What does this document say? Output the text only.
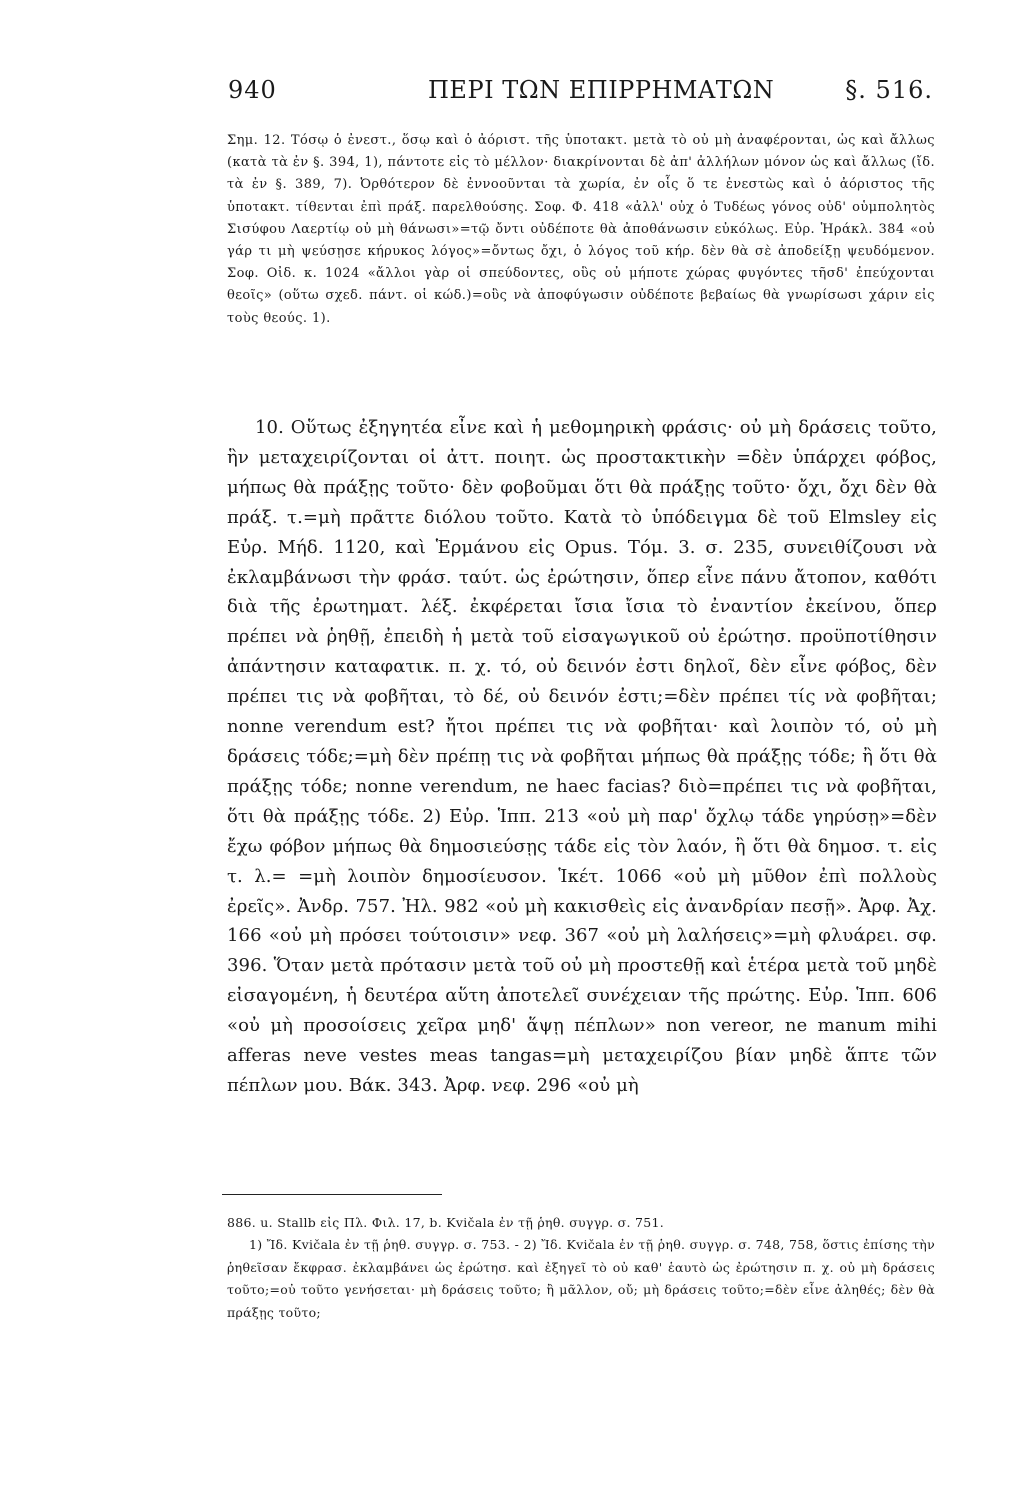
940	ΠΕΡΙ ΤΩΝ ΕΠΙΡΡΗΜΑΤΩΝ	§. 516.

Σημ. 12. Τόσῳ ὁ ἐνεστ., ὅσῳ καὶ ὁ ἀόριστ. τῆς ὑποτακτ. μετὰ τὸ οὐ μὴ ἀναφέρονται, ὡς καὶ ἄλλως (κατὰ τὰ ἐν §. 394, 1), πάντοτε εἰς τὸ μέλλον· διακρίνονται δὲ ἀπ' ἀλλήλων μόνον ὡς καὶ ἄλλως (ἴδ. τὰ ἐν §. 389, 7). Ὀρθότερον δὲ ἐννοοῦνται τὰ χωρία, ἐν οἷς ὅ τε ἐνεστὼς καὶ ὁ ἀόριστος τῆς ὑποτακτ. τίθενται ἐπὶ πράξ. παρελθούσης. Σοφ. Φ. 418 «ἀλλ' οὐχ ὁ Τυδέως γόνος οὐδ' οὑμπολητὸς Σισύφου Λαερτίῳ οὐ μὴ θάνωσι»=τῷ ὄντι οὐδέποτε θὰ ἀποθάνωσιν εὐκόλως. Εὐρ. Ἡράκλ. 384 «οὐ γάρ τι μὴ ψεύσῃσε κήρυκος λόγος»=ὄντως ὄχι, ὁ λόγος τοῦ κήρ. δὲν θὰ σὲ ἀποδείξῃ ψευδόμενον. Σοφ. Οἰδ. κ. 1024 «ἄλλοι γὰρ οἱ σπεύδοντες, οὓς οὐ μήποτε χώρας φυγόντες τῆσδ' ἐπεύχονται θεοῖς» (οὕτω σχεδ. πάντ. οἱ κώδ.)=οὓς νὰ ἀποφύγωσιν οὐδέποτε βεβαίως θὰ γνωρίσωσι χάριν εἰς τοὺς θεούς. 1).

10. Οὕτως ἐξηγητέα εἶνε καὶ ἡ μεθομηρικὴ φράσις· οὐ μὴ δράσεις τοῦτο, ἣν μεταχειρίζονται οἱ ἀττ. ποιητ. ὡς προστακτικὴν =δὲν ὑπάρχει φόβος, μήπως θὰ πράξῃς τοῦτο· δὲν φοβοῦμαι ὅτι θὰ πράξῃς τοῦτο· ὄχι, ὄχι δὲν θὰ πράξ. τ.=μὴ πρᾶττε διόλου τοῦτο. Κατὰ τὸ ὑπόδειγμα δὲ τοῦ Elmsley εἰς Εὐρ. Μήδ. 1120, καὶ Ἑρμάνου εἰς Opus. Τόμ. 3. σ. 235, συνειθίζουσι νὰ ἐκλαμβάνωσι τὴν φράσ. ταύτ. ὡς ἐρώτησιν, ὅπερ εἶνε πάνυ ἄτοπον, καθότι διὰ τῆς ἐρωτηματ. λέξ. ἐκφέρεται ἴσια ἴσια τὸ ἐναντίον ἐκείνου, ὅπερ πρέπει νὰ ῥηθῇ, ἐπειδὴ ἡ μετὰ τοῦ εἰσαγωγικοῦ οὐ ἐρώτησ. προϋποτίθησιν ἀπάντησιν καταφατικ. π. χ. τό, οὐ δεινόν ἐστι δηλοῖ, δὲν εἶνε φόβος, δὲν πρέπει τις νὰ φοβῆται, τὸ δέ, οὐ δεινόν ἐστι;=δὲν πρέπει τίς νὰ φοβῆται; nonne verendum est? ἤτοι πρέπει τις νὰ φοβῆται· καὶ λοιπὸν τό, οὐ μὴ δράσεις τόδε;=μὴ δὲν πρέπῃ τις νὰ φοβῆται μήπως θὰ πράξῃς τόδε; ἢ ὅτι θὰ πράξῃς τόδε; nonne verendum, ne haec facias? διὸ=πρέπει τις νὰ φοβῆται, ὅτι θὰ πράξῃς τόδε. 2) Εὐρ. Ἱππ. 213 «οὐ μὴ παρ' ὄχλῳ τάδε γηρύσῃ»=δὲν ἔχω φόβον μήπως θὰ δημοσιεύσῃς τάδε εἰς τὸν λαόν, ἢ ὅτι θὰ δημοσ. τ. εἰς τ. λ.= =μὴ λοιπὸν δημοσίευσον. Ἱκέτ. 1066 «οὐ μὴ μῦθον ἐπὶ πολλοὺς ἐρεῖς». Ἀνδρ. 757. Ἠλ. 982 «οὐ μὴ κακισθεὶς εἰς ἀνανδρίαν πεσῇ». Ἀρφ. Ἀχ. 166 «οὐ μὴ πρόσει τούτοισιν» νεφ. 367 «οὐ μὴ λαλήσεις»=μὴ φλυάρει. σφ. 396. Ὅταν μετὰ πρότασιν μετὰ τοῦ οὐ μὴ προστεθῇ καὶ ἑτέρα μετὰ τοῦ μηδὲ εἰσαγομένη, ἡ δευτέρα αὕτη ἀποτελεῖ συνέχειαν τῆς πρώτης. Εὐρ. Ἱππ. 606 «οὐ μὴ προσοίσεις χεῖρα μηδ' ἅψῃ πέπλων» non vereor, ne manum mihi afferas neve vestes meas tangas=μὴ μεταχειρίζου βίαν μηδὲ ἅπτε τῶν πέπλων μου. Βάκ. 343. Ἀρφ. νεφ. 296 «οὐ μὴ

886. u. Stallb εἰς Πλ. Φιλ. 17, b. Kvičala ἐν τῇ ῥηθ. συγγρ. σ. 751.

1) Ἴδ. Kvičala ἐν τῇ ῥηθ. συγγρ. σ. 753. - 2) Ἴδ. Kvičala ἐν τῇ ῥηθ. συγγρ. σ. 748, 758, ὅστις ἐπίσης τὴν ῥηθεῖσαν ἔκφρασ. ἐκλαμβάνει ὡς ἐρώτησ. καὶ ἐξηγεῖ τὸ οὐ καθ' ἑαυτὸ ὡς ἐρώτησιν π. χ. οὐ μὴ δράσεις τοῦτο;=οὐ τοῦτο γενήσεται· μὴ δράσεις τοῦτο; ἢ μᾶλλον, οὔ; μὴ δράσεις τοῦτο;=δὲν εἶνε ἀληθές; δὲν θὰ πράξῃς τοῦτο;
